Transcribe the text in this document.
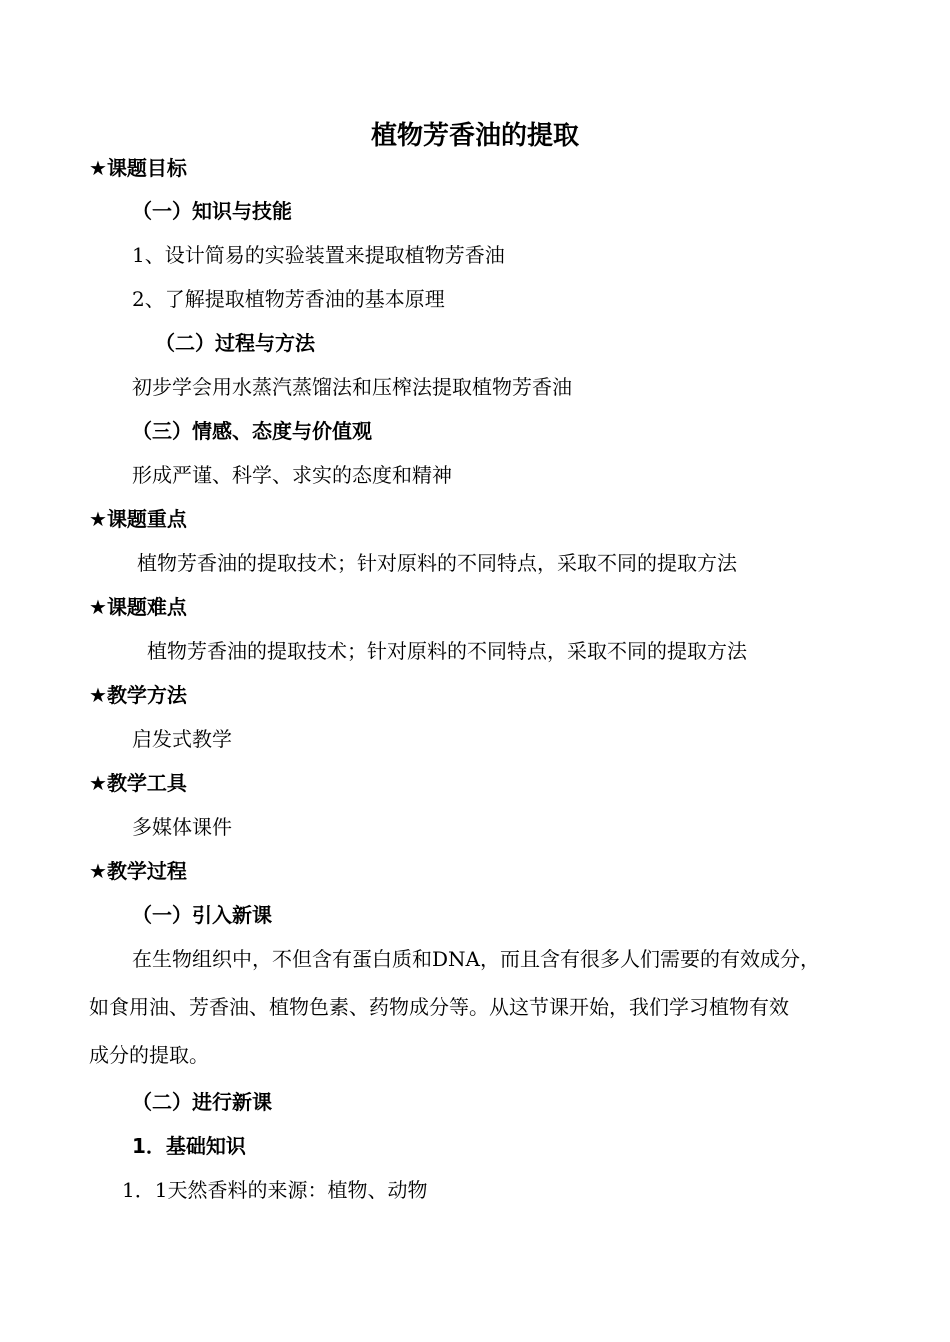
植物芳香油的提取
★课题目标
（一）知识与技能
1、设计简易的实验装置来提取植物芳香油
2、了解提取植物芳香油的基本原理
（二）过程与方法
初步学会用水蒸汽蒸馏法和压榨法提取植物芳香油
（三）情感、态度与价值观
形成严谨、科学、求实的态度和精神
★课题重点
植物芳香油的提取技术；针对原料的不同特点，采取不同的提取方法
★课题难点
植物芳香油的提取技术；针对原料的不同特点，采取不同的提取方法
★教学方法
启发式教学
★教学工具
多媒体课件
★教学过程
（一）引入新课
在生物组织中，不但含有蛋白质和DNA，而且含有很多人们需要的有效成分，
如食用油、芳香油、植物色素、药物成分等。从这节课开始，我们学习植物有效
成分的提取。
（二）进行新课
1．基础知识
1．1天然香料的来源：植物、动物
